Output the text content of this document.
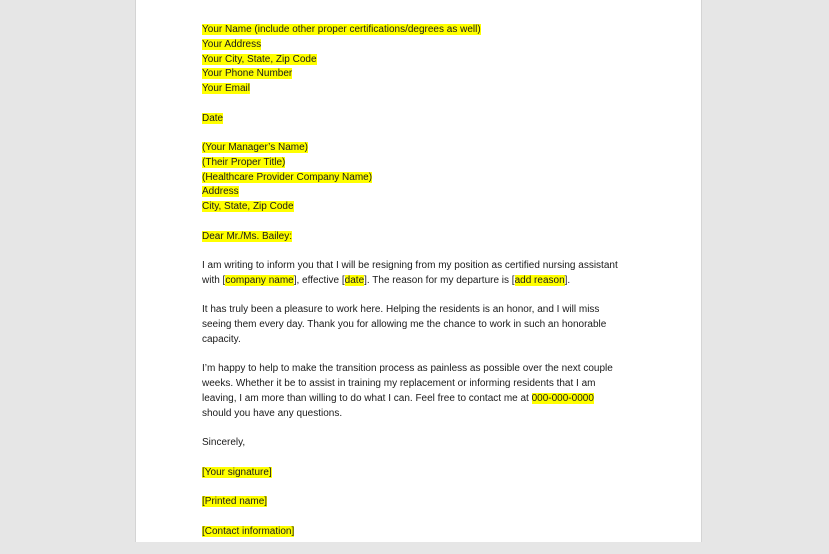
Your Name (include other proper certifications/degrees as well)
Your Address
Your City, State, Zip Code
Your Phone Number
Your Email
Date
(Your Manager’s Name)
(Their Proper Title)
(Healthcare Provider Company Name)
Address
City, State, Zip Code
Dear Mr./Ms. Bailey:
I am writing to inform you that I will be resigning from my position as certified nursing assistant
with [company name], effective [date]. The reason for my departure is [add reason].
It has truly been a pleasure to work here. Helping the residents is an honor, and I will miss
seeing them every day. Thank you for allowing me the chance to work in such an honorable
capacity.
I’m happy to help to make the transition process as painless as possible over the next couple
weeks. Whether it be to assist in training my replacement or informing residents that I am
leaving, I am more than willing to do what I can. Feel free to contact me at 000-000-0000
should you have any questions.
Sincerely,
[Your signature]
[Printed name]
[Contact information]
